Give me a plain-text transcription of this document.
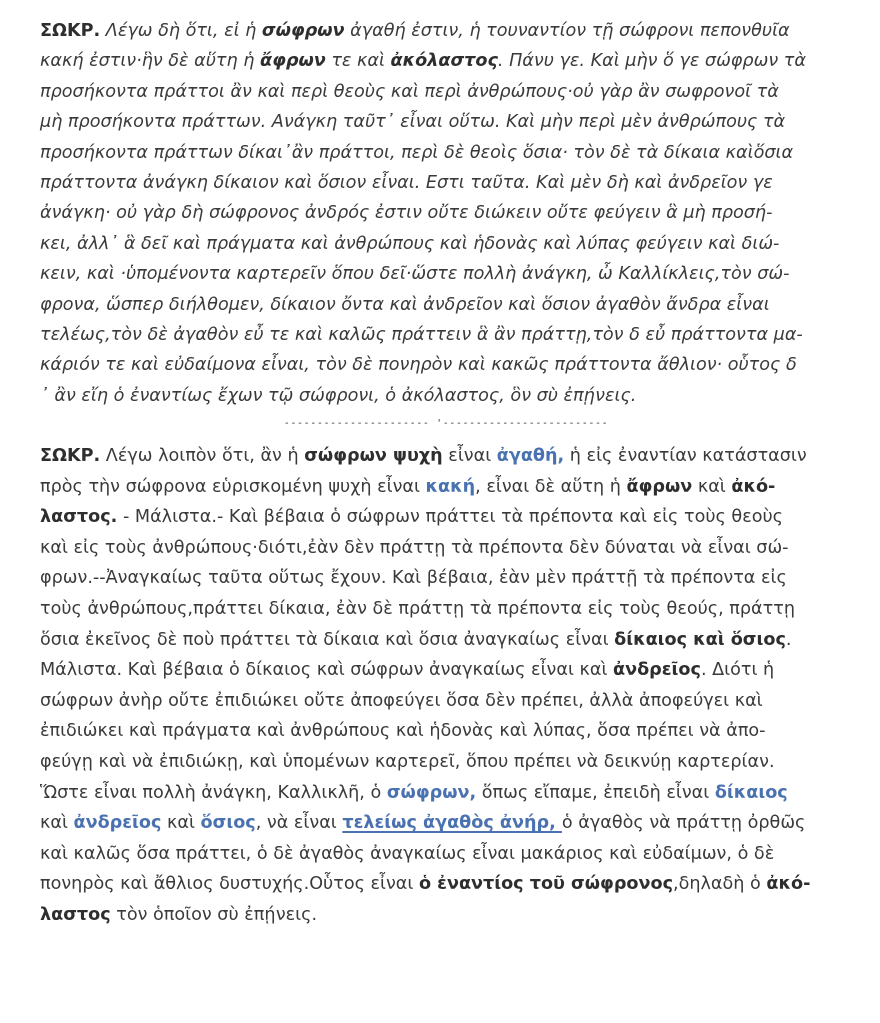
ΣΩΚΡ. Λέγω δὴ ὅτι, εἰ ἡ σώφρων ἀγαθή ἐστιν, ἡ τουναντίον τῇ σώφρονι πεπονθυῖα
κακή ἐστιν·ἣν δὲ αὕτη ἡ ἄφρων τε καὶ ἀκόλαστος. Πάνυ γε. Καὶ μὴν ὅ γε σώφρων τὰ
προσήκοντα πράττοι ἂν καὶ περὶ θεοὺς καὶ περὶ ἀνθρώπους·οὐ γὰρ ἂν σωφρονοῖ τὰ
μὴ προσήκοντα πράττων. Ανάγκη ταῦτ᾽ εἶναι οὕτω. Καὶ μὴν περὶ μὲν ἀνθρώπους τὰ
προσήκοντα πράττων δίκαι᾽ἂν πράττοι, περὶ δὲ θεοὶς ὅσια· τὸν δὲ τὰ δίκαια καὶὅσια
πράττοντα ἀνάγκη δίκαιον καὶ ὅσιον εἶναι. Εστι ταῦτα. Καὶ μὲν δὴ καὶ ἀνδρεῖον γε
ἀνάγκη· οὐ γὰρ δὴ σώφρονος ἀνδρός ἐστιν οὔτε διώκειν οὔτε φεύγειν ἃ μὴ προσή-
κει, ἀλλ᾽ ἃ δεῖ καὶ πράγματα καὶ ἀνθρώπους καὶ ἡδονὰς καὶ λύπας φεύγειν καὶ διώ-
κειν, καὶ ·ὑπομένοντα καρτερεῖν ὅπου δεῖ·ὥστε πολλὴ ἀνάγκη, ὦ Καλλίκλεις,τὸν σώ-
φρονα, ὥσπερ διήλθομεν, δίκαιον ὄντα καὶ ἀνδρεῖον καὶ ὅσιον ἀγαθὸν ἄνδρα εἶναι
τελέως,τὸν δὲ ἀγαθὸν εὖ τε καὶ καλῶς πράττειν ἃ ἂν πράττῃ,τὸν δ εὖ πράττοντα μα-
κάριόν τε καὶ εὐδαίμονα εἶναι, τὸν δὲ πονηρὸν καὶ κακῶς πράττοντα ἄθλιον· οὗτος δ
᾽ ἂν εἴη ὁ ἐναντίως ἔχων τῷ σώφρονι, ὁ ἀκόλαστος, ὃν σὺ ἐπῄνεις.
---------------------- '-------------------------
ΣΩΚΡ. Λέγω λοιπὸν ὅτι, ἂν ἡ σώφρων ψυχὴ εἶναι ἀγαθή, ἡ εἰς ἐναντίαν κατάστασιν
πρὸς τὴν σώφρονα εὑρισκομένη ψυχὴ εἶναι κακή, εἶναι δὲ αὕτη ἡ ἄφρων καὶ ἀκό-
λαστος. - Μάλιστα.- Καὶ βέβαια ὁ σώφρων πράττει τὰ πρέποντα καὶ εἰς τοὺς θεοὺς
καὶ εἰς τοὺς ἀνθρώπους·διότι,ἐὰν δὲν πράττῃ τὰ πρέποντα δὲν δύναται νὰ εἶναι σώ-
φρων.--Ἀναγκαίως ταῦτα οὕτως ἔχουν. Καὶ βέβαια, ἐὰν μὲν πράττῇ τὰ πρέποντα εἰς
τοὺς ἀνθρώπους,πράττει δίκαια, ἐὰν δὲ πράττῃ τὰ πρέποντα εἰς τοὺς θεούς, πράττῃ
ὅσια ἐκεῖνος δὲ ποὺ πράττει τὰ δίκαια καὶ ὅσια ἀναγκαίως εἶναι δίκαιος καὶ ὅσιος.
Μάλιστα. Καὶ βέβαια ὁ δίκαιος καὶ σώφρων ἀναγκαίως εἶναι καὶ ἀνδρεῖος. Διότι ἡ
σώφρων ἀνὴρ οὔτε ἐπιδιώκει οὔτε ἀποφεύγει ὅσα δὲν πρέπει, ἀλλὰ ἀποφεύγει καὶ
ἐπιδιώκει καὶ πράγματα καὶ ἀνθρώπους καὶ ἡδονὰς καὶ λύπας, ὅσα πρέπει νὰ ἀπο-
φεύγῃ καὶ νὰ ἐπιδιώκῃ, καὶ ὑπομένων καρτερεῖ, ὅπου πρέπει νὰ δεικνύῃ καρτερίαν.
Ὥστε εἶναι πολλὴ ἀνάγκη, Καλλικλῆ, ὁ σώφρων, ὅπως εἴπαμε, ἐπειδὴ εἶναι δίκαιος
καὶ ἀνδρεῖος καὶ ὅσιος, νὰ εἶναι τελείως ἀγαθὸς ἀνήρ, ὁ ἀγαθὸς νὰ πράττῃ ὀρθῶς
καὶ καλῶς ὅσα πράττει, ὁ δὲ ἀγαθὸς ἀναγκαίως εἶναι μακάριος καὶ εὐδαίμων, ὁ δὲ
πονηρὸς καὶ ἄθλιος δυστυχής.Οὗτος εἶναι ὁ ἐναντίος τοῦ σώφρονος,δηλαδὴ ὁ ἀκό-
λαστος τὸν ὁποῖον σὺ ἐπῄνεις.
